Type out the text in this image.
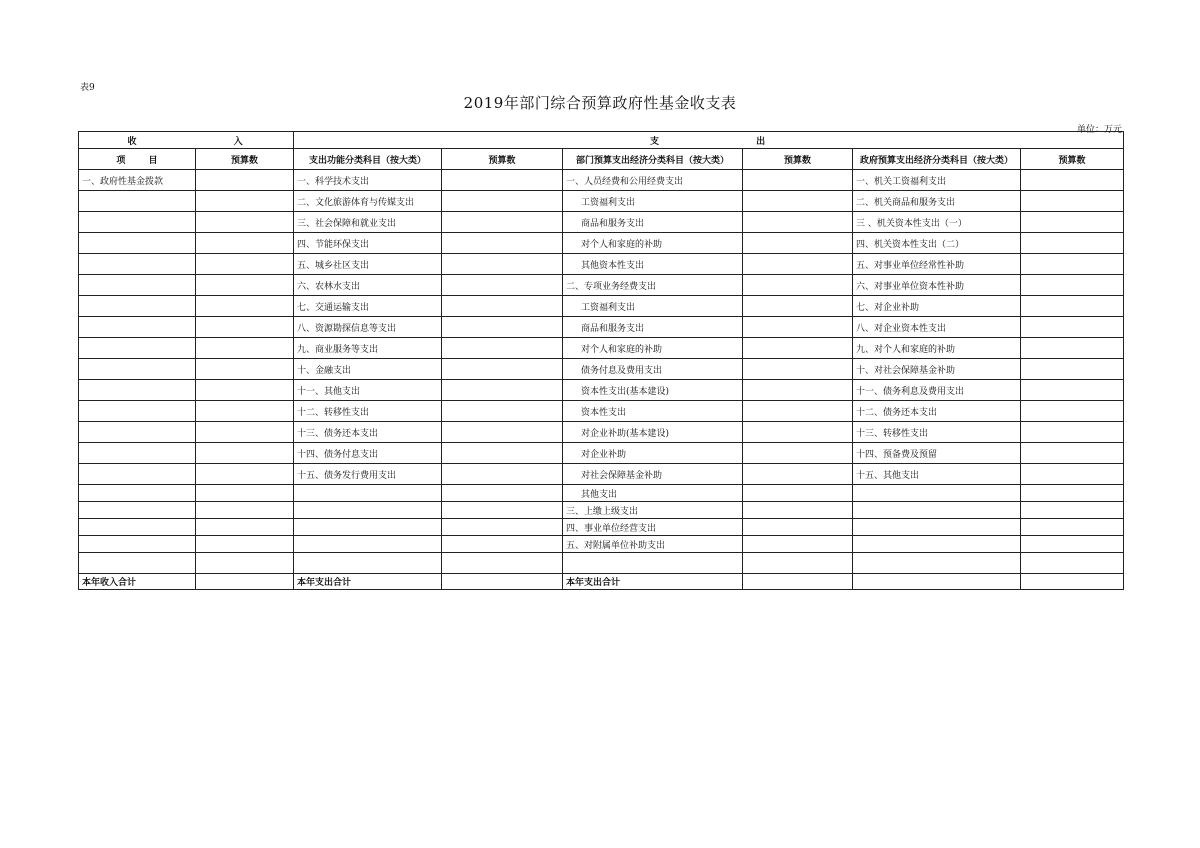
表9
2019年部门综合预算政府性基金收支表
单位：万元
收 入		支 出					
项 目	预算数	支出功能分类科目（按大类）	预算数	部门预算支出经济分类科目（按大类）	预算数	政府预算支出经济分类科目（按大类）	预算数
一、政府性基金拨款		一、科学技术支出		一、人员经费和公用经费支出		一、机关工资福利支出	
		二、文化旅游体育与传媒支出		工资福利支出		二、机关商品和服务支出	
		三、社会保障和就业支出		商品和服务支出		三 、机关资本性支出（一）	
		四、节能环保支出		对个人和家庭的补助		四、机关资本性支出（二）	
		五、城乡社区支出		其他资本性支出		五、对事业单位经常性补助	
		六、农林水支出		二、专项业务经费支出		六、对事业单位资本性补助	
		七、交通运输支出		工资福利支出		七、对企业补助	
		八、资源勘探信息等支出		商品和服务支出		八、对企业资本性支出	
		九、商业服务等支出		对个人和家庭的补助		九、对个人和家庭的补助	
		十、金融支出		债务付息及费用支出		十、对社会保障基金补助	
		十一、其他支出		资本性支出(基本建设)		十一、债务利息及费用支出	
		十二、转移性支出		资本性支出		十二、债务还本支出	
		十三、债务还本支出		对企业补助(基本建设)		十三、转移性支出	
		十四、债务付息支出		对企业补助		十四、预备费及预留	
		十五、债务发行费用支出		对社会保障基金补助		十五、其他支出	
				其他支出			
				三、上缴上级支出			
				四、事业单位经营支出			
				五、对附属单位补助支出			

本年收入合计		本年支出合计		本年支出合计			
